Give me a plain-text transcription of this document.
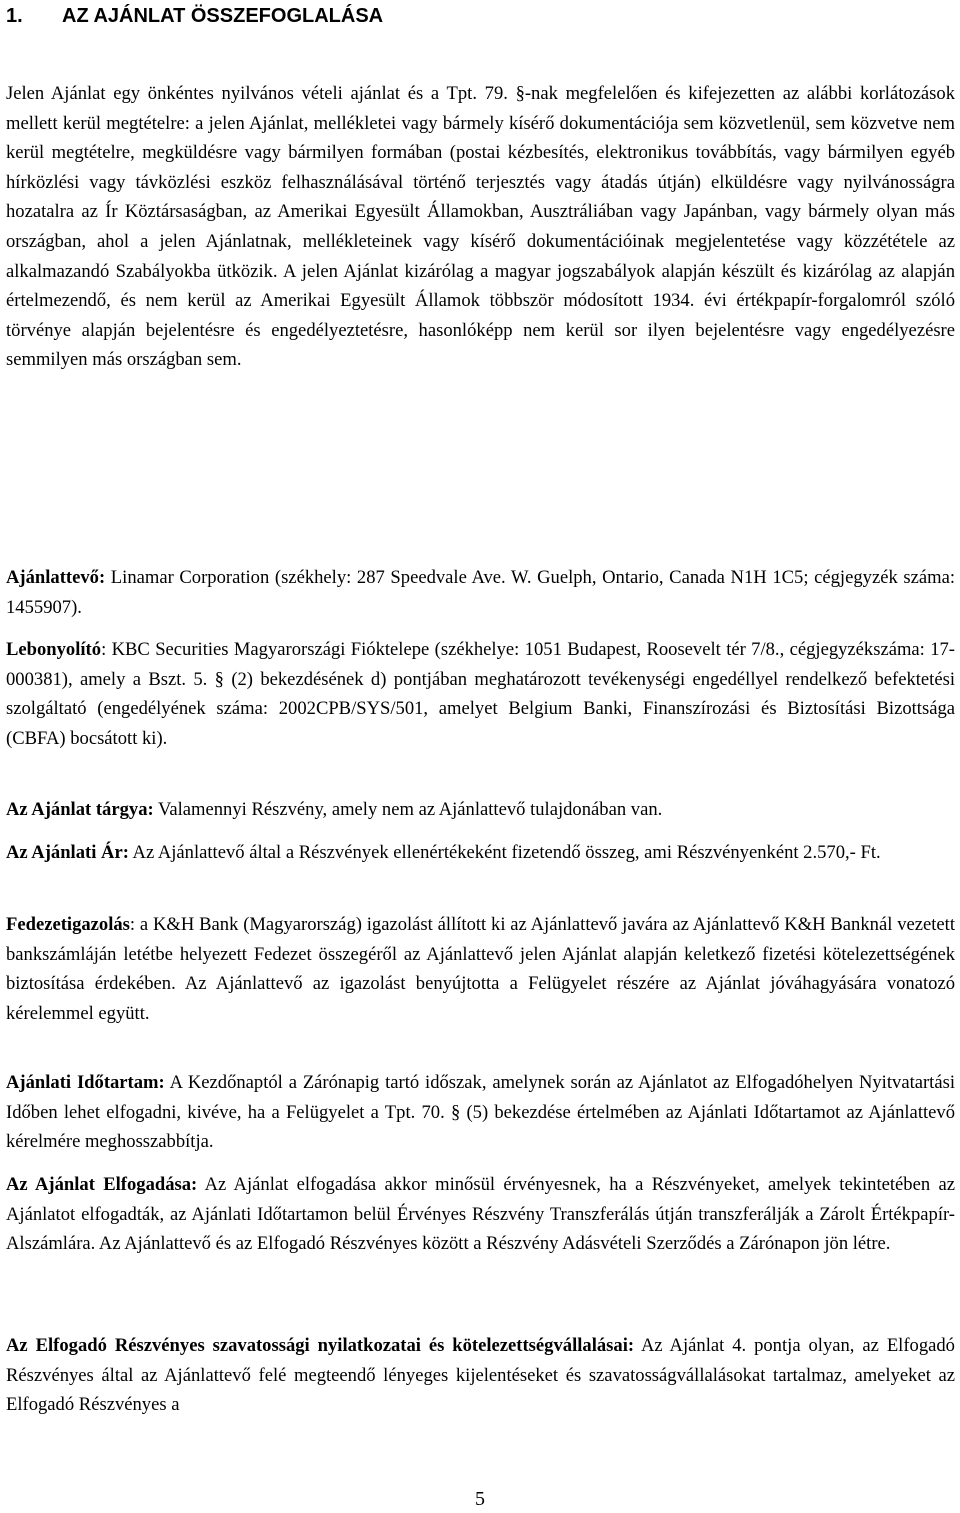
1. AZ AJÁNLAT ÖSSZEFOGLALÁSA

Jelen Ajánlat egy önkéntes nyilvános vételi ajánlat és a Tpt. 79. §-nak megfelelően és kifejezetten az alábbi korlátozások mellett kerül megtételre: a jelen Ajánlat, mellékletei vagy bármely kísérő dokumentációja sem közvetlenül, sem közvetve nem kerül megtételre, megküldésre vagy bármilyen formában (postai kézbesítés, elektronikus továbbítás, vagy bármilyen egyéb hírközlési vagy távközlési eszköz felhasználásával történő terjesztés vagy átadás útján) elküldésre vagy nyilvánosságra hozatalra az Ír Köztársaságban, az Amerikai Egyesült Államokban, Ausztráliában vagy Japánban, vagy bármely olyan más országban, ahol a jelen Ajánlatnak, mellékleteinek vagy kísérő dokumentációinak megjelentetése vagy közzététele az alkalmazandó Szabályokba ütközik. A jelen Ajánlat kizárólag a magyar jogszabályok alapján készült és kizárólag az alapján értelmezendő, és nem kerül az Amerikai Egyesült Államok többször módosított 1934. évi értékpapír-forgalomról szóló törvénye alapján bejelentésre és engedélyeztetésre, hasonlóképp nem kerül sor ilyen bejelentésre vagy engedélyezésre semmilyen más országban sem.

Ajánlattevő: Linamar Corporation (székhely: 287 Speedvale Ave. W. Guelph, Ontario, Canada N1H 1C5; cégjegyzék száma: 1455907).

Lebonyolító: KBC Securities Magyarországi Fióktelepe (székhelye: 1051 Budapest, Roosevelt tér 7/8., cégjegyzékszáma: 17-000381), amely a Bszt. 5. § (2) bekezdésének d) pontjában meghatározott tevékenységi engedéllyel rendelkező befektetési szolgáltató (engedélyének száma: 2002CPB/SYS/501, amelyet Belgium Banki, Finanszírozási és Biztosítási Bizottsága (CBFA) bocsátott ki).

Az Ajánlat tárgya: Valamennyi Részvény, amely nem az Ajánlattevő tulajdonában van.

Az Ajánlati Ár: Az Ajánlattevő által a Részvények ellenértékeként fizetendő összeg, ami Részvényenként 2.570,- Ft.

Fedezetigazolás: a K&H Bank (Magyarország) igazolást állított ki az Ajánlattevő javára az Ajánlattevő K&H Banknál vezetett bankszámláján letétbe helyezett Fedezet összegéről az Ajánlattevő jelen Ajánlat alapján keletkező fizetési kötelezettségének biztosítása érdekében. Az Ajánlattevő az igazolást benyújtotta a Felügyelet részére az Ajánlat jóváhagyására vonatozó kérelemmel együtt.

Ajánlati Időtartam: A Kezdőnaptól a Zárónapig tartó időszak, amelynek során az Ajánlatot az Elfogadóhelyen Nyitvatartási Időben lehet elfogadni, kivéve, ha a Felügyelet a Tpt. 70. § (5) bekezdése értelmében az Ajánlati Időtartamot az Ajánlattevő kérelmére meghosszabbítja.

Az Ajánlat Elfogadása: Az Ajánlat elfogadása akkor minősül érvényesnek, ha a Részvényeket, amelyek tekintetében az Ajánlatot elfogadták, az Ajánlati Időtartamon belül Érvényes Részvény Transzferálás útján transzferálják a Zárolt Értékpapír-Alszámlára. Az Ajánlattevő és az Elfogadó Részvényes között a Részvény Adásvételi Szerződés a Zárónapon jön létre.

Az Elfogadó Részvényes szavatossági nyilatkozatai és kötelezettségvállalásai: Az Ajánlat 4. pontja olyan, az Elfogadó Részvényes által az Ajánlattevő felé megteendő lényeges kijelentéseket és szavatosságvállalásokat tartalmaz, amelyeket az Elfogadó Részvényes a

5
